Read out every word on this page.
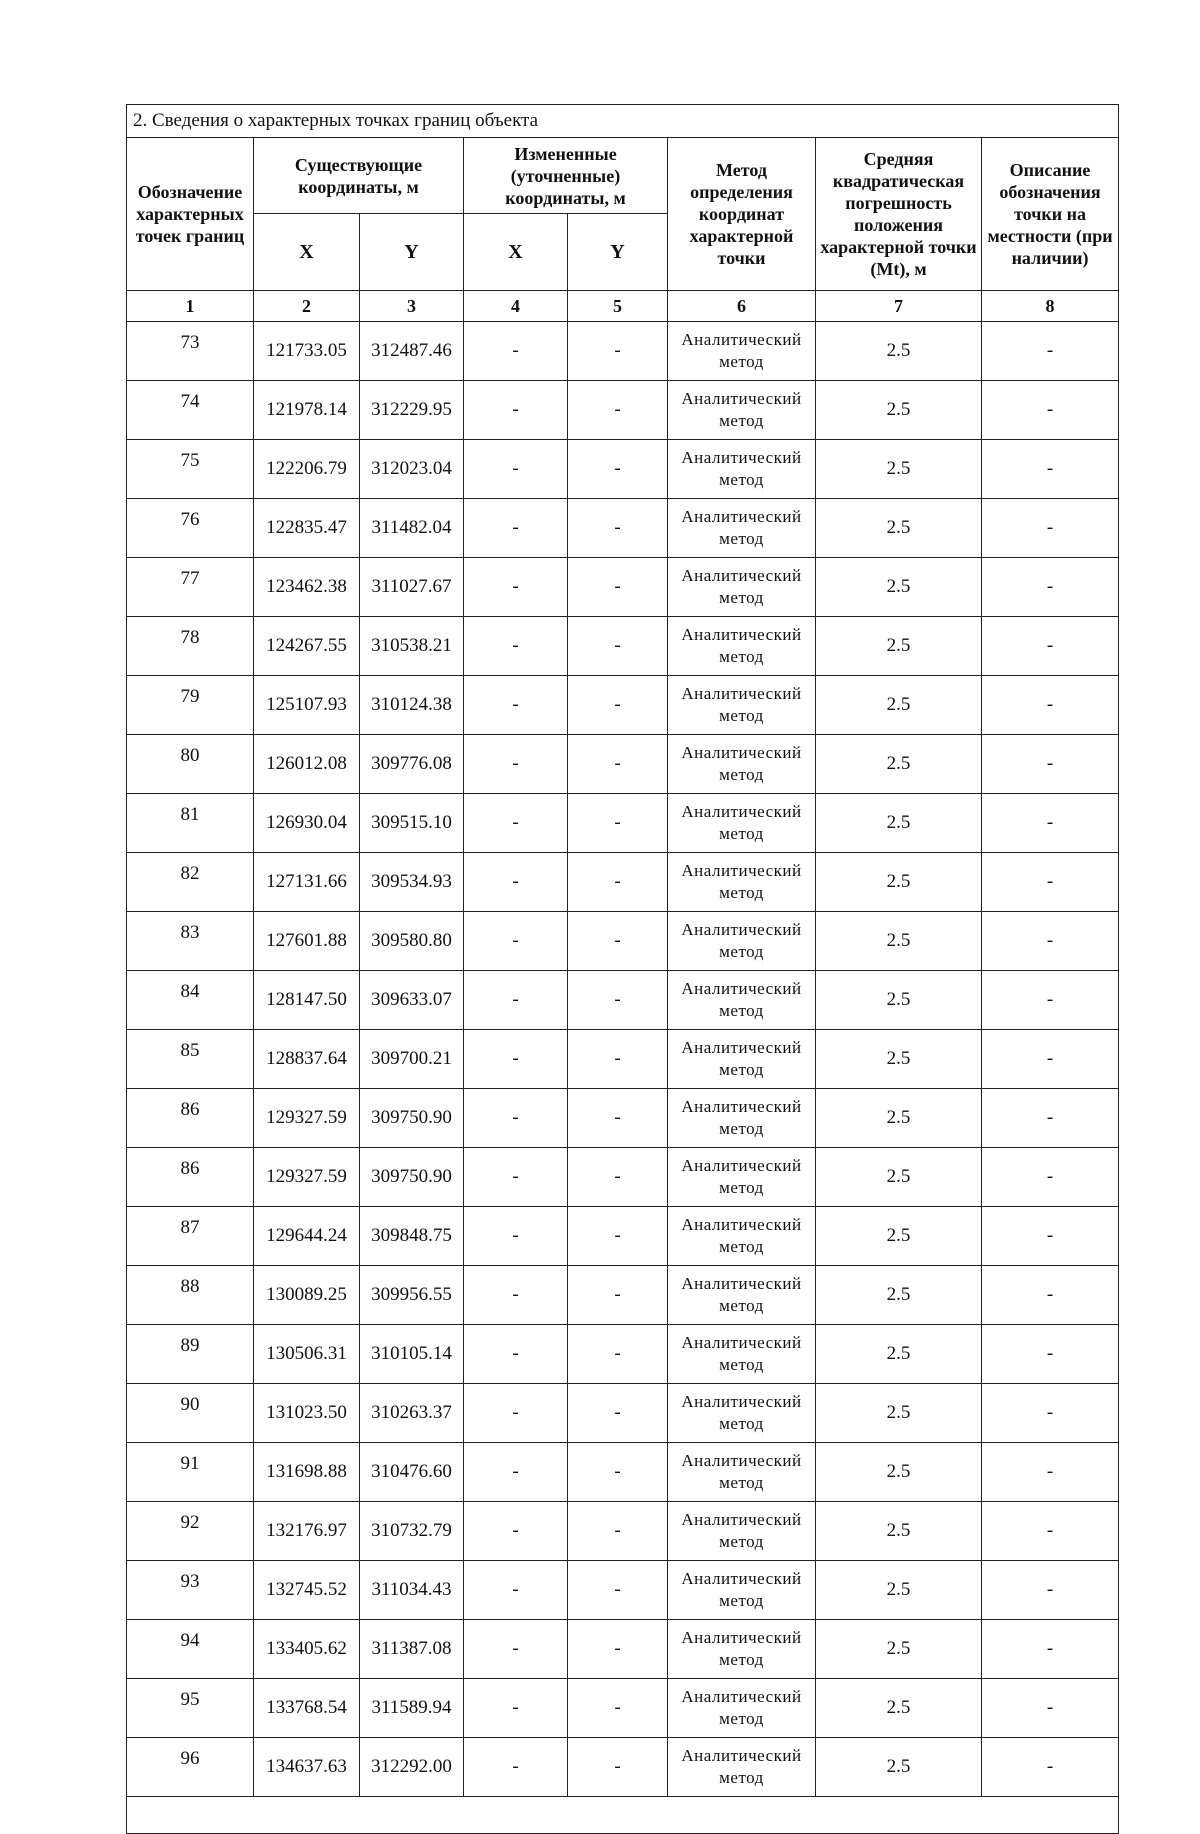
2. Сведения о характерных точках границ объекта							
Обозначение характерных точек границ	Существующие координаты, м		Измененные (уточненные) координаты, м		Метод определения координат характерной точки	Средняя квадратическая погрешность положения характерной точки (Mt), м	Описание обозначения точки на местности (при наличии)
	X	Y	X	Y			
1	2	3	4	5	6	7	8
73	121733.05	312487.46	-	-	Аналитический метод	2.5	-
74	121978.14	312229.95	-	-	Аналитический метод	2.5	-
75	122206.79	312023.04	-	-	Аналитический метод	2.5	-
76	122835.47	311482.04	-	-	Аналитический метод	2.5	-
77	123462.38	311027.67	-	-	Аналитический метод	2.5	-
78	124267.55	310538.21	-	-	Аналитический метод	2.5	-
79	125107.93	310124.38	-	-	Аналитический метод	2.5	-
80	126012.08	309776.08	-	-	Аналитический метод	2.5	-
81	126930.04	309515.10	-	-	Аналитический метод	2.5	-
82	127131.66	309534.93	-	-	Аналитический метод	2.5	-
83	127601.88	309580.80	-	-	Аналитический метод	2.5	-
84	128147.50	309633.07	-	-	Аналитический метод	2.5	-
85	128837.64	309700.21	-	-	Аналитический метод	2.5	-
86	129327.59	309750.90	-	-	Аналитический метод	2.5	-
86	129327.59	309750.90	-	-	Аналитический метод	2.5	-
87	129644.24	309848.75	-	-	Аналитический метод	2.5	-
88	130089.25	309956.55	-	-	Аналитический метод	2.5	-
89	130506.31	310105.14	-	-	Аналитический метод	2.5	-
90	131023.50	310263.37	-	-	Аналитический метод	2.5	-
91	131698.88	310476.60	-	-	Аналитический метод	2.5	-
92	132176.97	310732.79	-	-	Аналитический метод	2.5	-
93	132745.52	311034.43	-	-	Аналитический метод	2.5	-
94	133405.62	311387.08	-	-	Аналитический метод	2.5	-
95	133768.54	311589.94	-	-	Аналитический метод	2.5	-
96	134637.63	312292.00	-	-	Аналитический метод	2.5	-
